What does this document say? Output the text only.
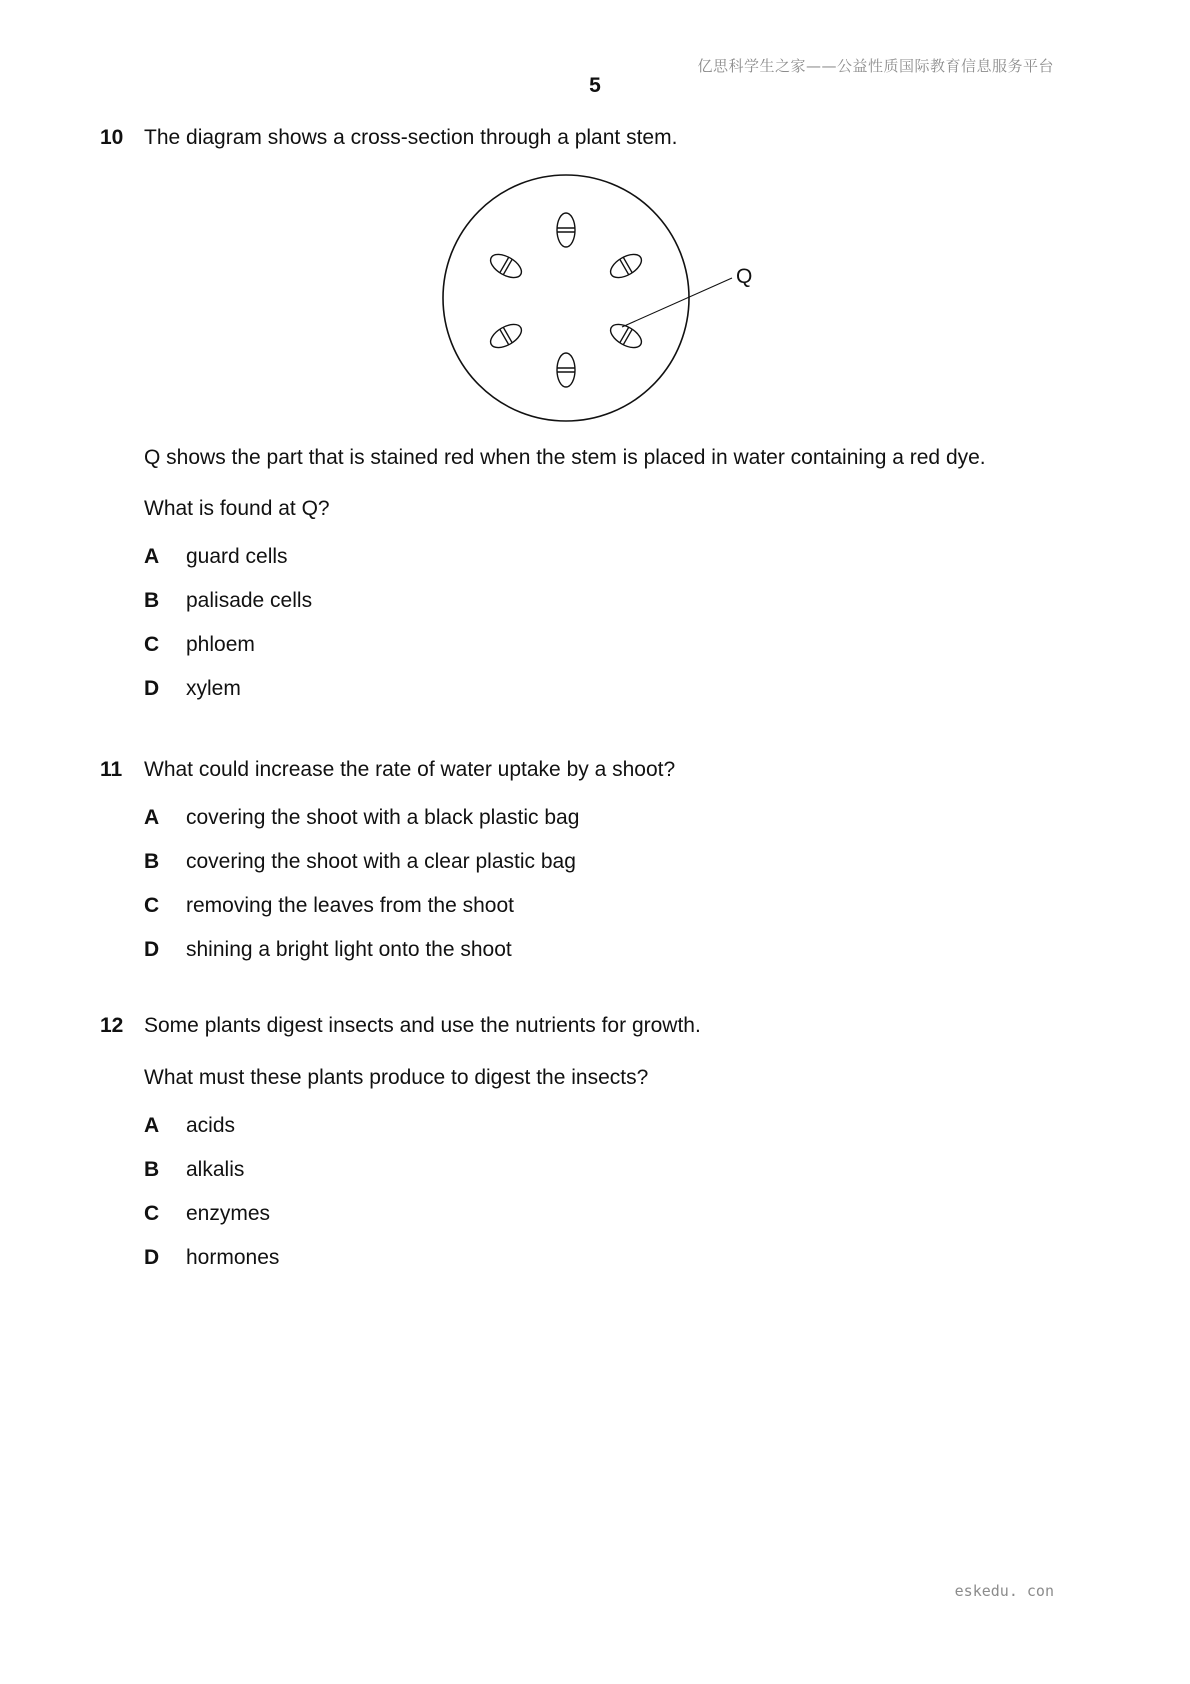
亿思科学生之家——公益性质国际教育信息服务平台
5
10 The diagram shows a cross-section through a plant stem.
Q
Q shows the part that is stained red when the stem is placed in water containing a red dye.
What is found at Q?
A guard cells
B palisade cells
C phloem
D xylem
11 What could increase the rate of water uptake by a shoot?
A covering the shoot with a black plastic bag
B covering the shoot with a clear plastic bag
C removing the leaves from the shoot
D shining a bright light onto the shoot
12 Some plants digest insects and use the nutrients for growth.
What must these plants produce to digest the insects?
A acids
B alkalis
C enzymes
D hormones
eskedu. con
